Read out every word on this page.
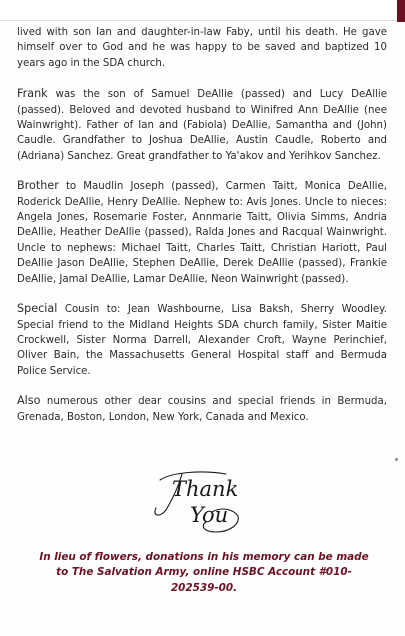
lived with son Ian and daughter-in-law Faby, until his death. He gave himself over to God and he was happy to be saved and baptized 10 years ago in the SDA church.

Frank was the son of Samuel DeAllie (passed) and Lucy DeAllie (passed). Beloved and devoted husband to Winifred Ann DeAllie (nee Wainwright). Father of Ian and (Fabiola) DeAllie, Samantha and (John) Caudle. Grandfather to Joshua DeAllie, Austin Caudle, Roberto and (Adriana) Sanchez. Great grandfather to Ya'akov and Yerihkov Sanchez.

Brother to Maudlin Joseph (passed), Carmen Taitt, Monica DeAllie, Roderick DeAllie, Henry DeAllie. Nephew to: Avis Jones. Uncle to nieces: Angela Jones, Rosemarie Foster, Annmarie Taitt, Olivia Simms, Andria DeAllie, Heather DeAllie (passed), Ralda Jones and Racqual Wainwright. Uncle to nephews: Michael Taitt, Charles Taitt, Christian Hariott, Paul DeAllie Jason DeAllie, Stephen DeAllie, Derek DeAllie (passed), Frankie DeAllie, Jamal DeAllie, Lamar DeAllie, Neon Wainwright (passed).

Special Cousin to: Jean Washbourne, Lisa Baksh, Sherry Woodley. Special friend to the Midland Heights SDA church family, Sister Maitie Crockwell, Sister Norma Darrell, Alexander Croft, Wayne Perinchief, Oliver Bain, the Massachusetts General Hospital staff and Bermuda Police Service.

Also numerous other dear cousins and special friends in Bermuda, Grenada, Boston, London, New York, Canada and Mexico.

Thank
You
In lieu of flowers, donations in his memory can be made to The Salvation Army, online HSBC Account #010-202539-00.
